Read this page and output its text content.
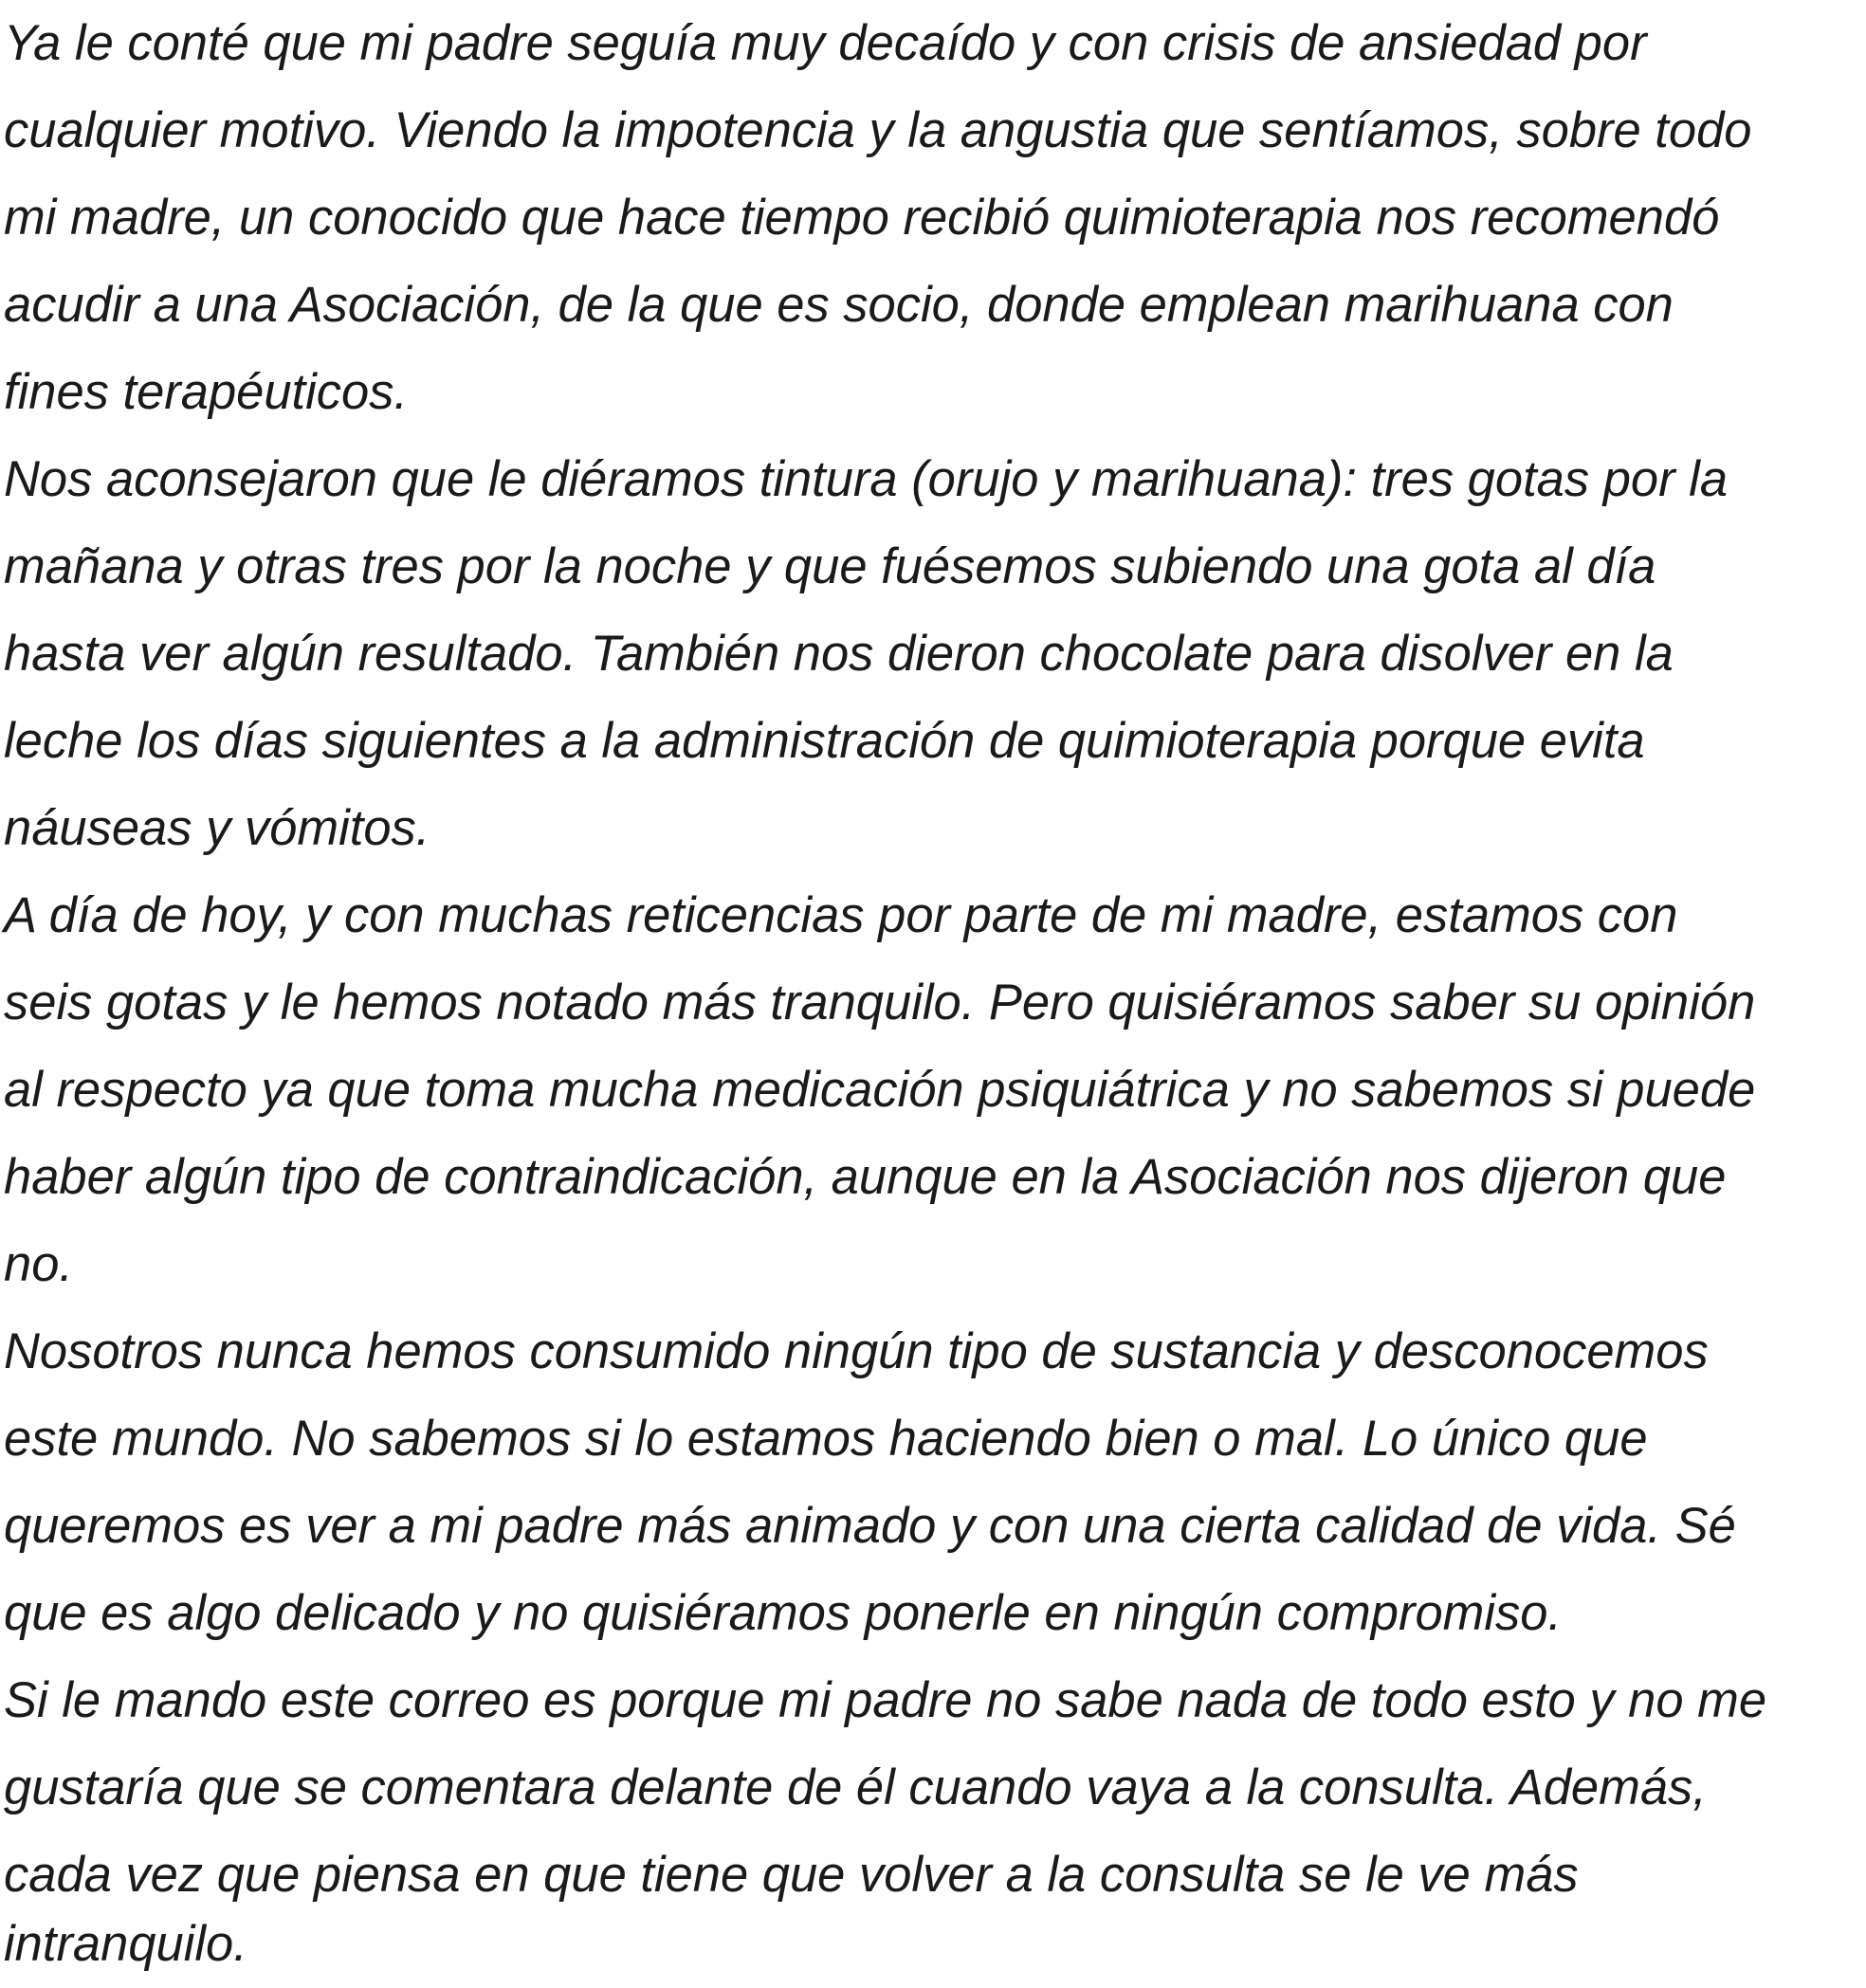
Ya le conté que mi padre seguía muy decaído y con crisis de ansiedad por

cualquier motivo. Viendo la impotencia y la angustia que sentíamos, sobre todo

mi madre, un conocido que hace tiempo recibió quimioterapia nos recomendó

acudir a una Asociación, de la que es socio, donde emplean marihuana con

fines terapéuticos.

Nos aconsejaron que le diéramos tintura (orujo y marihuana): tres gotas por la

mañana y otras tres por la noche y que fuésemos subiendo una gota al día

hasta ver algún resultado. También nos dieron chocolate para disolver en la

leche los días siguientes a la administración de quimioterapia porque evita

náuseas y vómitos.

A día de hoy, y con muchas reticencias por parte de mi madre, estamos con

seis gotas y le hemos notado más tranquilo. Pero quisiéramos saber su opinión

al respecto ya que toma mucha medicación psiquiátrica y no sabemos si puede

haber algún tipo de contraindicación, aunque en la Asociación nos dijeron que

no.

Nosotros nunca hemos consumido ningún tipo de sustancia y desconocemos

este mundo. No sabemos si lo estamos haciendo bien o mal. Lo único que

queremos es ver a mi padre más animado y con una cierta calidad de vida. Sé

que es algo delicado y no quisiéramos ponerle en ningún compromiso.

Si le mando este correo es porque mi padre no sabe nada de todo esto y no me

gustaría que se comentara delante de él cuando vaya a la consulta. Además,

cada vez que piensa en que tiene que volver a la consulta se le ve más

intranquilo.
